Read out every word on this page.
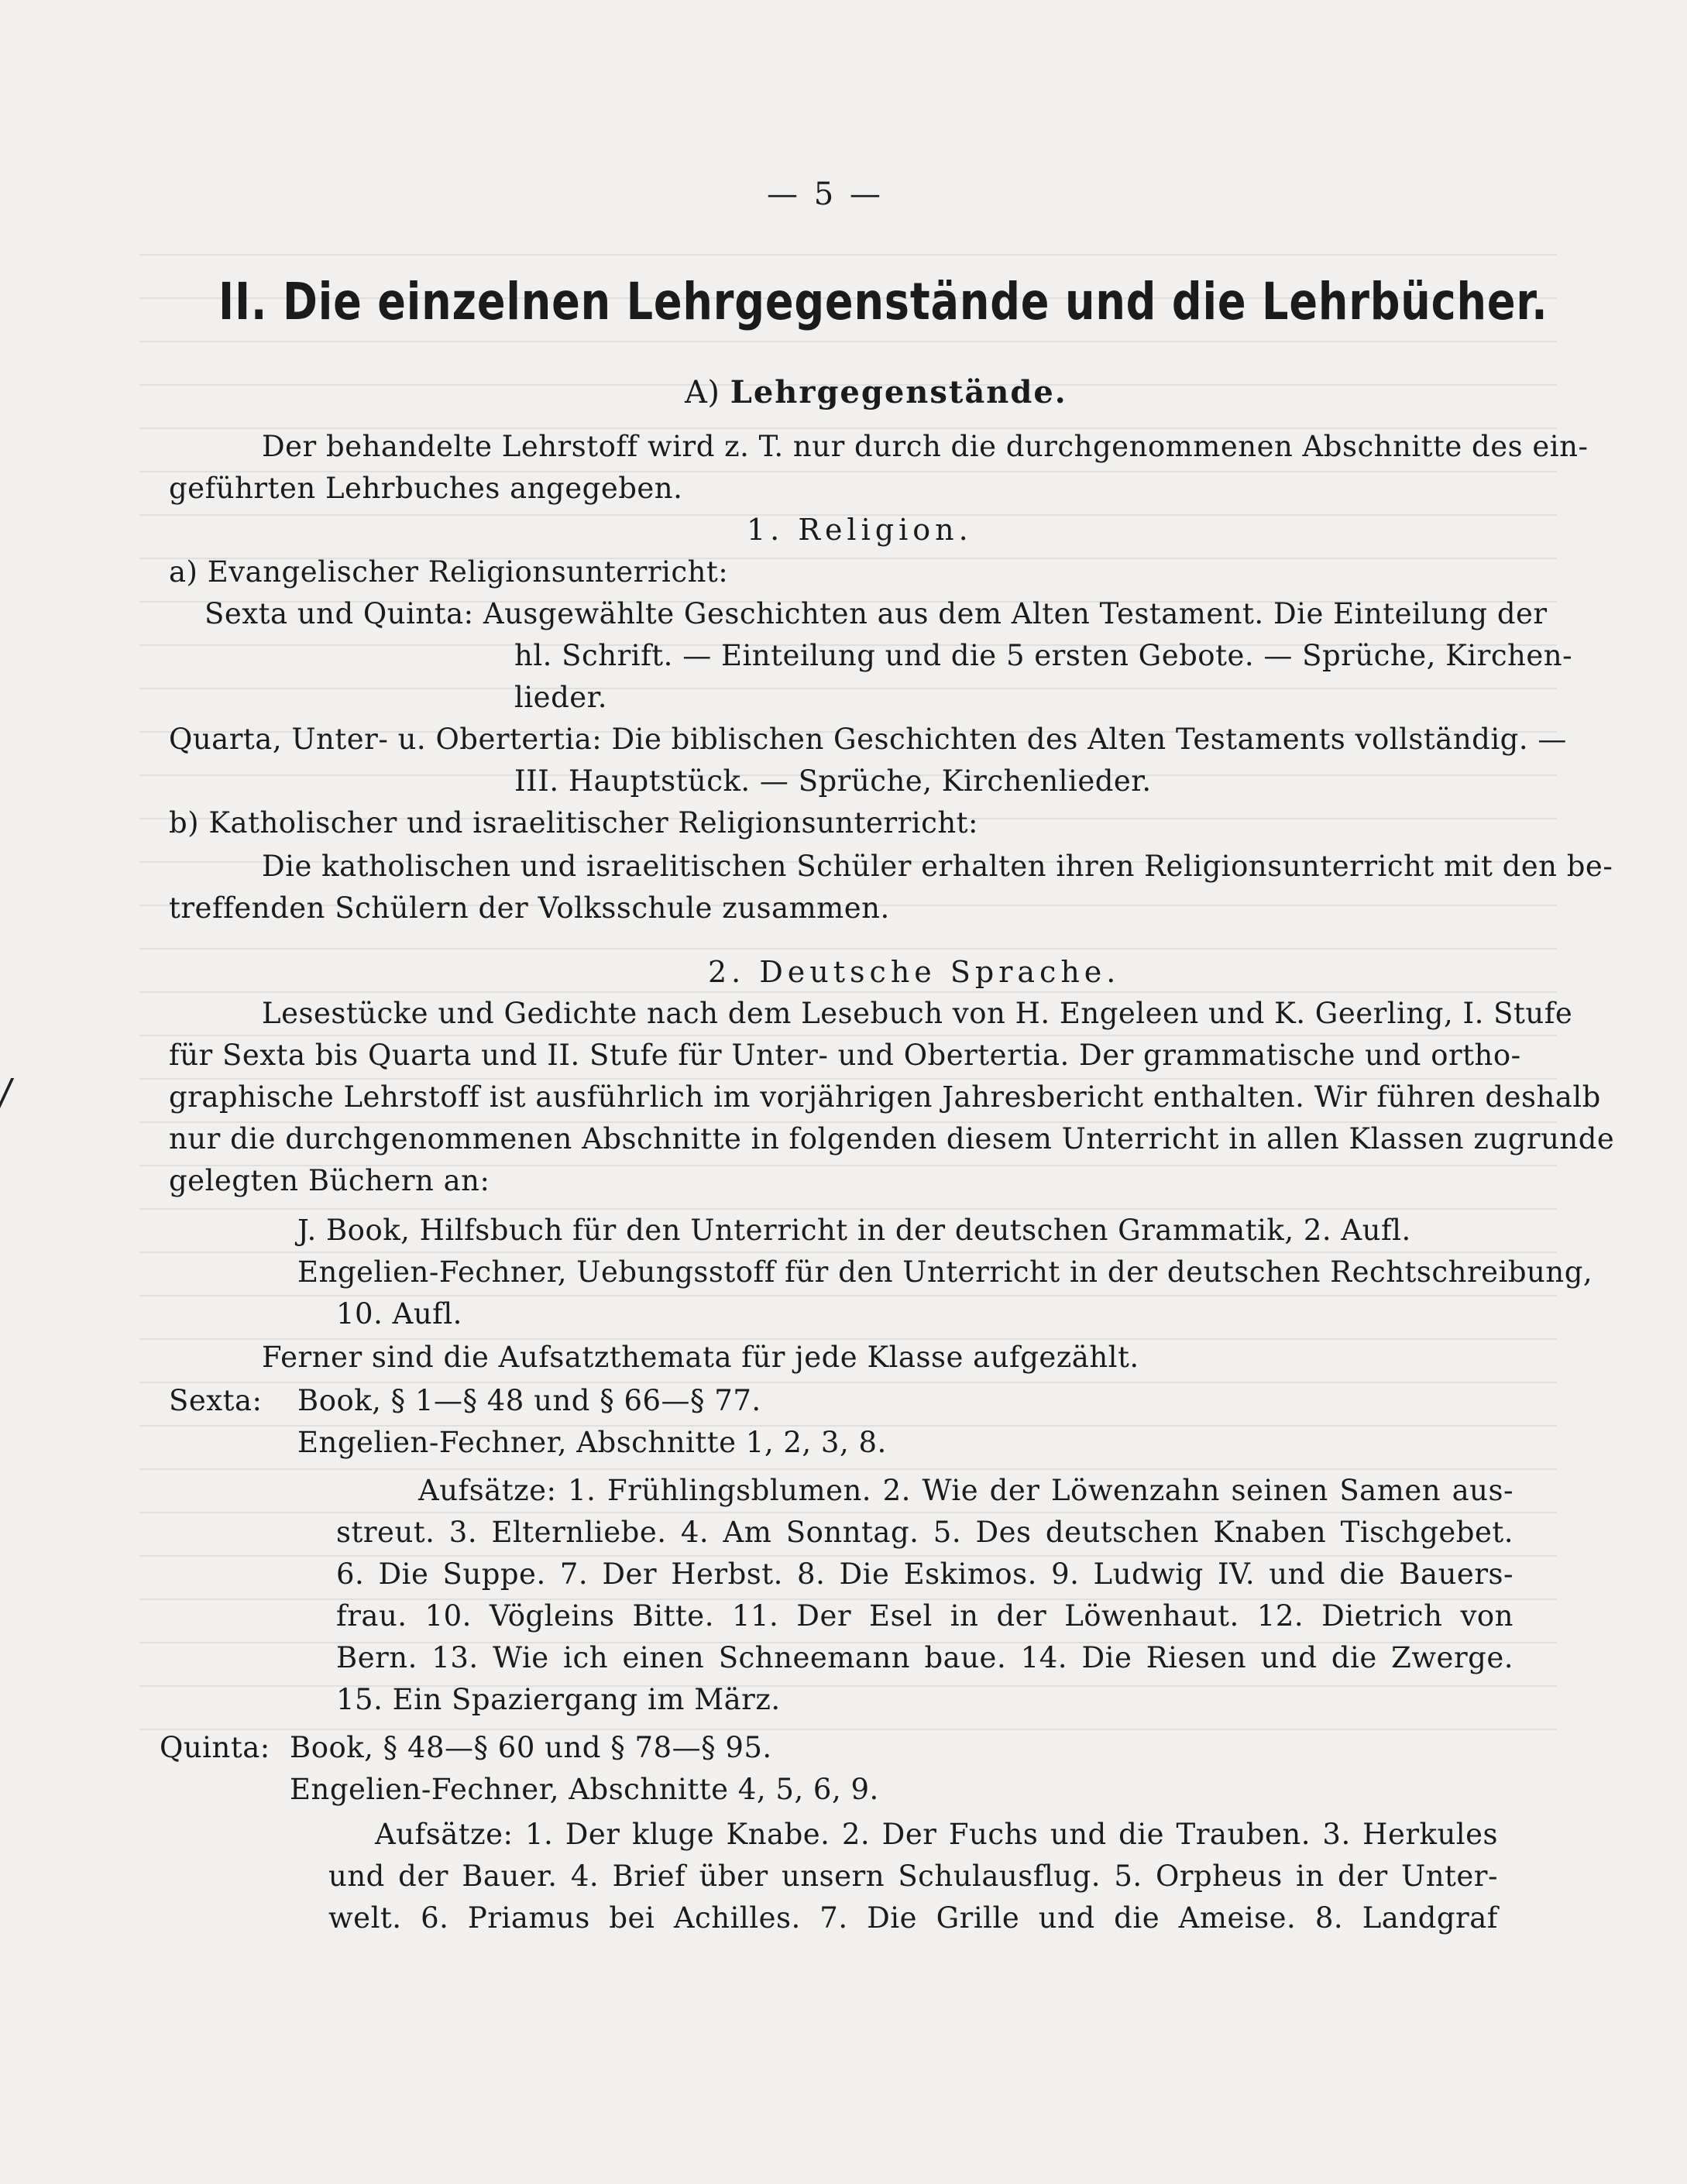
— 5 —
II. Die einzelnen Lehrgegenstände und die Lehrbücher.
A) Lehrgegenstände.
Der behandelte Lehrstoff wird z. T. nur durch die durchgenommenen Abschnitte des ein-
geführten Lehrbuches angegeben.
1. Religion.
a) Evangelischer Religionsunterricht:
Sexta und Quinta: Ausgewählte Geschichten aus dem Alten Testament. Die Einteilung der
hl. Schrift. — Einteilung und die 5 ersten Gebote. — Sprüche, Kirchen-
lieder.
Quarta, Unter- u. Obertertia: Die biblischen Geschichten des Alten Testaments vollständig. —
III. Hauptstück. — Sprüche, Kirchenlieder.
b) Katholischer und israelitischer Religionsunterricht:
Die katholischen und israelitischen Schüler erhalten ihren Religionsunterricht mit den be-
treffenden Schülern der Volksschule zusammen.
2. Deutsche Sprache.
Lesestücke und Gedichte nach dem Lesebuch von H. Engeleen und K. Geerling, I. Stufe
für Sexta bis Quarta und II. Stufe für Unter- und Obertertia. Der grammatische und ortho-
graphische Lehrstoff ist ausführlich im vorjährigen Jahresbericht enthalten. Wir führen deshalb
nur die durchgenommenen Abschnitte in folgenden diesem Unterricht in allen Klassen zugrunde
gelegten Büchern an:
J. Book, Hilfsbuch für den Unterricht in der deutschen Grammatik, 2. Aufl.
Engelien-Fechner, Uebungsstoff für den Unterricht in der deutschen Rechtschreibung,
10. Aufl.
Ferner sind die Aufsatzthemata für jede Klasse aufgezählt.
Sexta: Book, § 1—§ 48 und § 66—§ 77.
Engelien-Fechner, Abschnitte 1, 2, 3, 8.
Aufsätze: 1. Frühlingsblumen. 2. Wie der Löwenzahn seinen Samen aus-
streut. 3. Elternliebe. 4. Am Sonntag. 5. Des deutschen Knaben Tischgebet.
6. Die Suppe. 7. Der Herbst. 8. Die Eskimos. 9. Ludwig IV. und die Bauers-
frau. 10. Vögleins Bitte. 11. Der Esel in der Löwenhaut. 12. Dietrich von
Bern. 13. Wie ich einen Schneemann baue. 14. Die Riesen und die Zwerge.
15. Ein Spaziergang im März.
Quinta: Book, § 48—§ 60 und § 78—§ 95.
Engelien-Fechner, Abschnitte 4, 5, 6, 9.
Aufsätze: 1. Der kluge Knabe. 2. Der Fuchs und die Trauben. 3. Herkules
und der Bauer. 4. Brief über unsern Schulausflug. 5. Orpheus in der Unter-
welt. 6. Priamus bei Achilles. 7. Die Grille und die Ameise. 8. Landgraf
